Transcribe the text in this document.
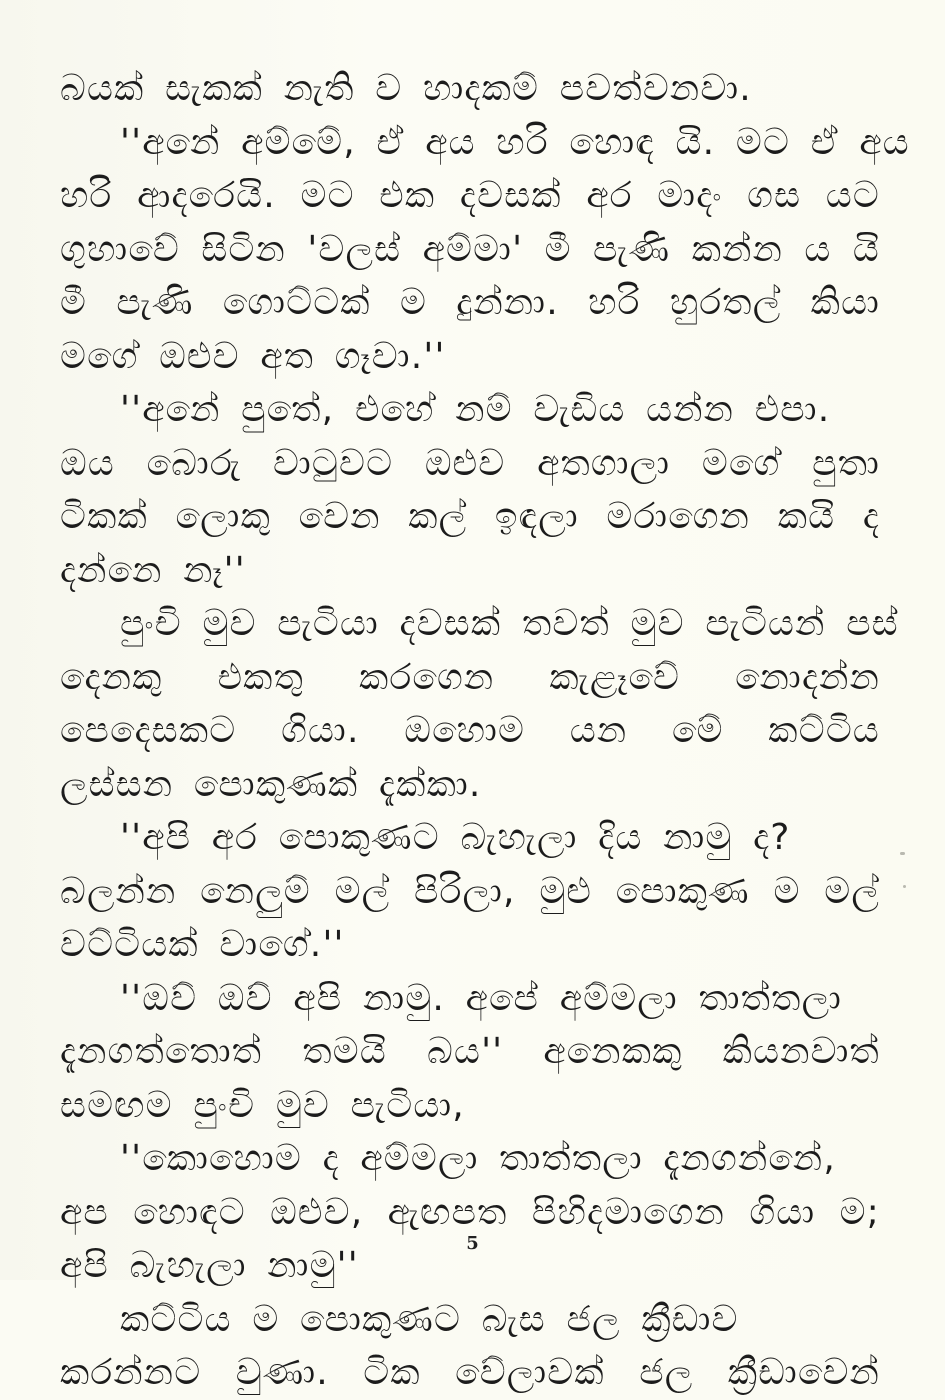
බයක් සැකක් නැති ව හාදකම් පවත්වනවා.
''අනේ අම්මේ, ඒ අය හරි හොඳ යි. මට ඒ අය
හරි ආදරෙයි. මට එක දවසක් අර මාදං ගස යට
ගුහාවේ සිටින 'වලස් අම්මා' මී පැණි කන්න ය යි
මී පැණි ගොට්ටක් ම දුන්නා. හරි හුරතල් කියා
මගේ ඔළුව අත ගෑවා.''
''අනේ පුතේ, එහේ නම් වැඩිය යන්න එපා.
ඔය බොරු වාටුවට ඔළුව අතගාලා මගේ පුතා
ටිකක් ලොකු වෙන කල් ඉඳලා මරාගෙන කයි ද
දන්නෙ නෑ''
පුංචි මුව පැටියා දවසක් තවත් මුව පැටියන් පස්
දෙනකු එකතු කරගෙන කැළෑවේ නොදන්න
පෙදෙසකට ගියා. ඔහොම යන මේ කට්ටිය
ලස්සන පොකුණක් දැක්කා.
''අපි අර පොකුණට බැහැලා දිය නාමු ද?
බලන්න නෙලුම් මල් පිරිලා, මුළු පොකුණ ම මල්
වට්ටියක් වාගේ.''
''ඔව් ඔව් අපි නාමු. අපේ අම්මලා තාත්තලා
දැනගත්තොත් තමයි බය'' අනෙකකු කියනවාත්
සමඟම පුංචි මුව පැටියා,
''කොහොම ද අම්මලා තාත්තලා දැනගන්නේ,
අප හොඳට ඔළුව, ඇඟපත පිහිදමාගෙන ගියා ම;
අපි බැහැලා නාමු''
කට්ටිය ම පොකුණට බැස ජල ක්‍රීඩාව
කරන්නට වුණා. ටික වේලාවක් ජල ක්‍රීඩාවෙන්
5
